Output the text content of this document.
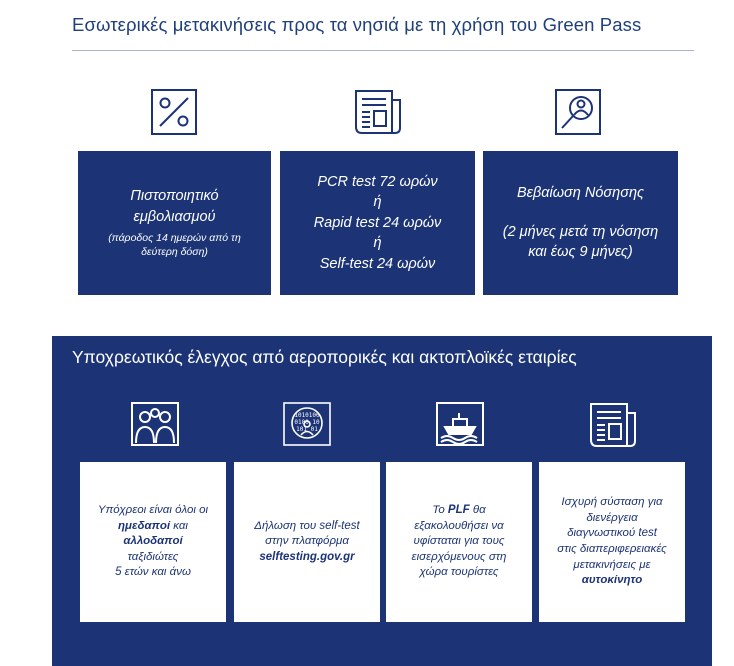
Εσωτερικές μετακινήσεις προς τα νησιά με τη χρήση του Green Pass
Πιστοποιητικό
εμβολιασμού
(πάροδος 14 ημερών από τη
δεύτερη δόση)
PCR test 72 ωρών
ή
Rapid test 24 ωρών
ή
Self-test 24 ωρών
Βεβαίωση Νόσησης
(2 μήνες μετά τη νόσηση
και έως 9 μήνες)
Υποχρεωτικός έλεγχος από αεροπορικές και ακτοπλοϊκές εταιρίες
1010100
0100 10
101 01
Υπόχρεοι είναι όλοι οι
ημεδαποί και
αλλοδαποί
ταξιδιώτες
5 ετών και άνω
Δήλωση του self-test
στην πλατφόρμα
selftesting.gov.gr
Το PLF θα
εξακολουθήσει να
υφίσταται για τους
εισερχόμενους στη
χώρα τουρίστες
Ισχυρή σύσταση για
διενέργεια
διαγνωστικού test
στις διαπεριφερειακές
μετακινήσεις με
αυτοκίνητο
